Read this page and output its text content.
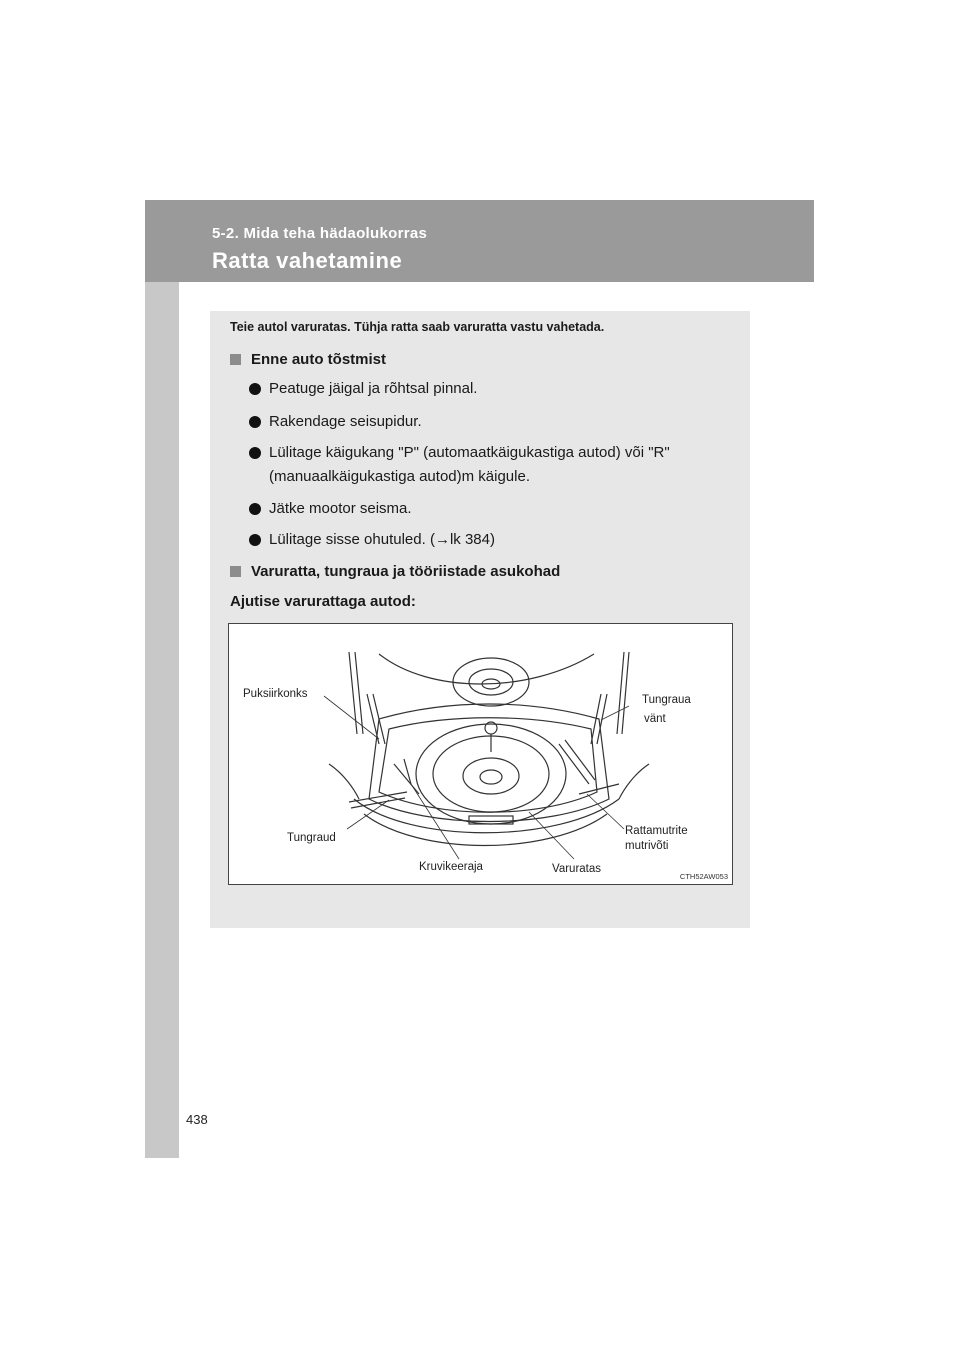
5-2. Mida teha hädaolukorras
Ratta vahetamine
Teie autol varuratas. Tühja ratta saab varuratta vastu vahetada.
Enne auto tõstmist
Peatuge jäigal ja rõhtsal pinnal.
Rakendage seisupidur.
Lülitage käigukang "P" (automaatkäigukastiga autod) või "R" (manuaalkäigukastiga autod)m käigule.
Jätke mootor seisma.
Lülitage sisse ohutuled. (→lk 384)
Varuratta, tungraua ja tööriistade asukohad
Ajutise varurattaga autod:
Puksiirkonks	Tungraua
vänt
Tungraud
Rattamutrite
mutrivõti
Kruvikeeraja	Varuratas
CTH52AW053
438
